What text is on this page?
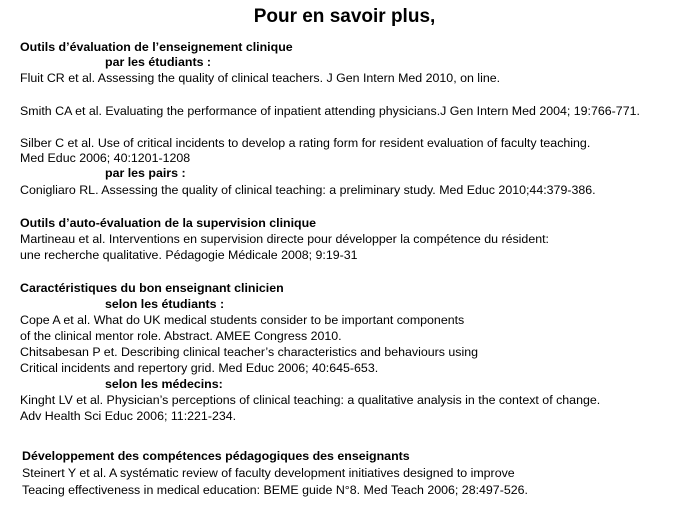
Pour en savoir plus,
Outils d’évaluation de l’enseignement clinique
par les étudiants :
Fluit CR et al. Assessing the quality of clinical teachers. J Gen Intern Med 2010, on line.
Smith CA et al. Evaluating the performance of inpatient attending physicians.J Gen Intern Med 2004; 19:766-771.
Silber C et al. Use of critical incidents to develop a rating form for resident evaluation of faculty teaching.
Med Educ 2006; 40:1201-1208
par les pairs :
Conigliaro RL. Assessing the quality of clinical teaching: a preliminary study. Med Educ 2010;44:379-386.
Outils d’auto-évaluation de la supervision clinique
Martineau et al. Interventions en supervision directe pour développer la compétence du résident:
une recherche qualitative. Pédagogie Médicale 2008; 9:19-31
Caractéristiques du bon enseignant clinicien
selon les étudiants :
Cope A et al. What do UK medical students consider to be important components
of the clinical mentor role. Abstract. AMEE Congress 2010.
Chitsabesan P et. Describing clinical teacher’s characteristics and behaviours using
Critical incidents and repertory grid. Med Educ 2006; 40:645-653.
selon les médecins:
Kinght LV et al. Physician’s perceptions of clinical teaching: a qualitative analysis in the context of change.
Adv Health Sci Educ 2006; 11:221-234.
Développement des compétences pédagogiques des enseignants
Steinert Y et al. A systématic review of faculty development initiatives designed to improve
Teacing effectiveness in medical education: BEME guide N°8. Med Teach 2006; 28:497-526.
